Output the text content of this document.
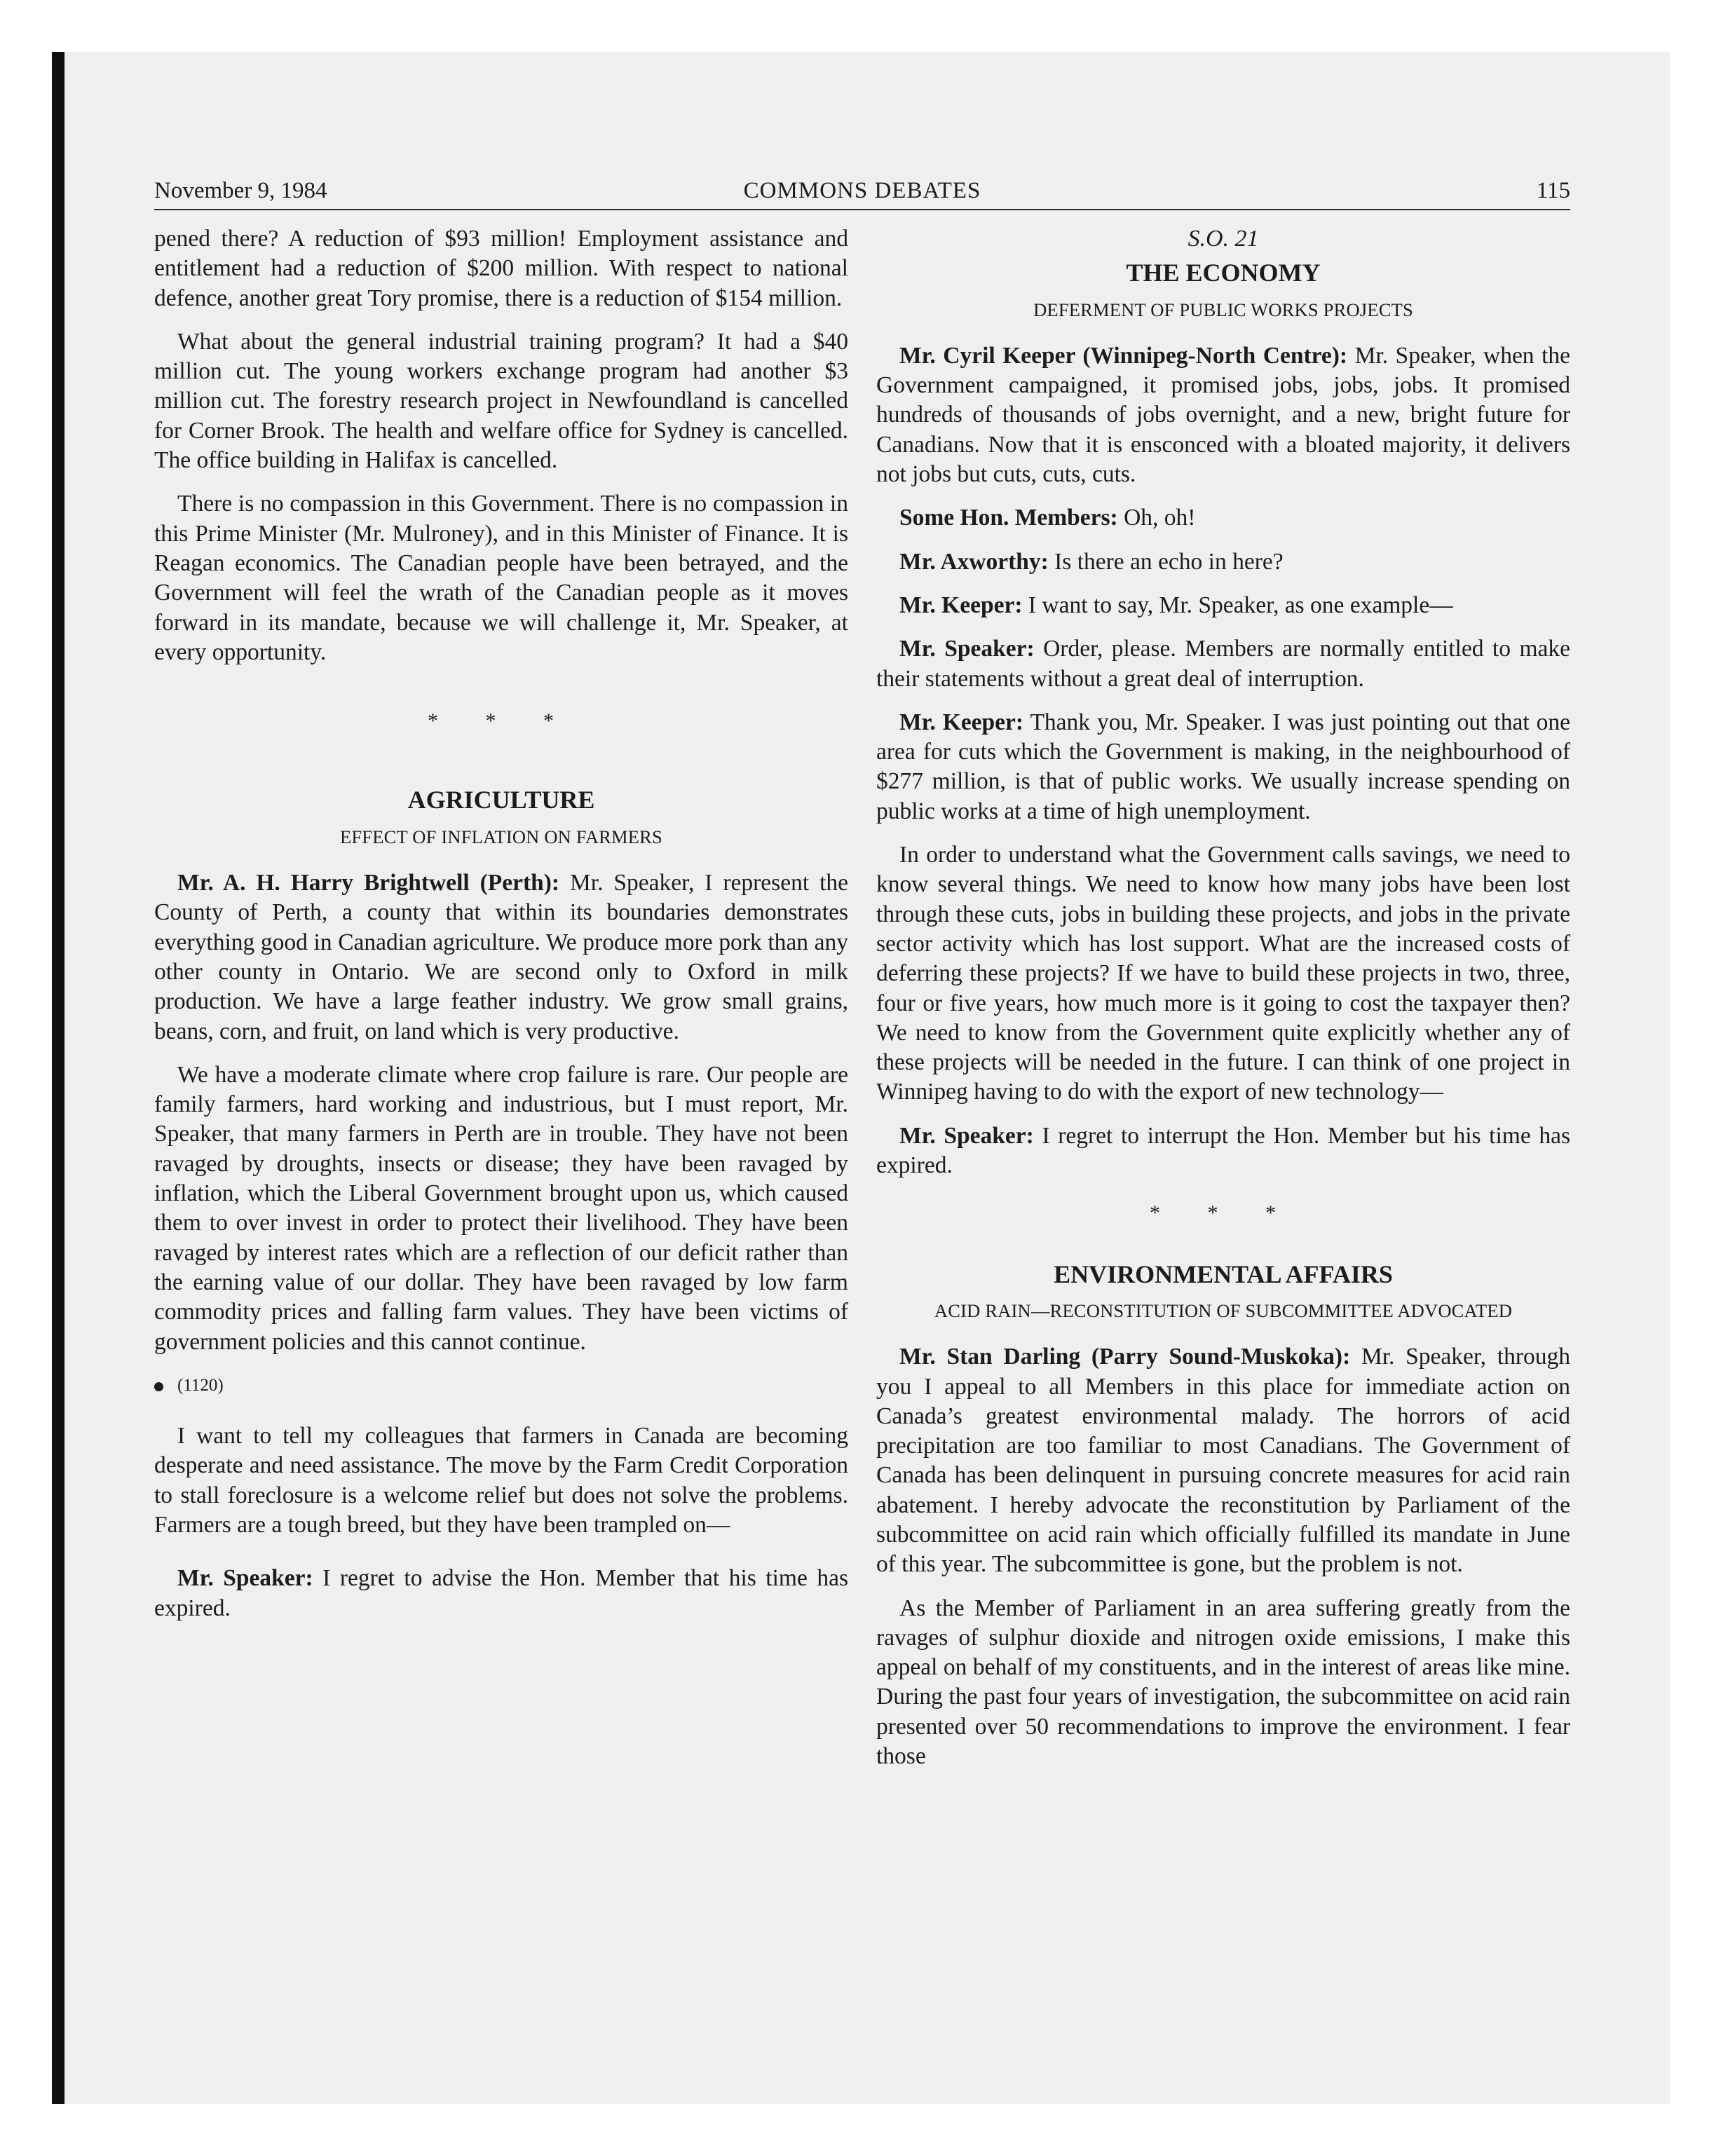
November 9, 1984	COMMONS DEBATES	115

pened there? A reduction of $93 million! Employment assistance and entitlement had a reduction of $200 million. With respect to national defence, another great Tory promise, there is a reduction of $154 million.

What about the general industrial training program? It had a $40 million cut. The young workers exchange program had another $3 million cut. The forestry research project in Newfoundland is cancelled for Corner Brook. The health and welfare office for Sydney is cancelled. The office building in Halifax is cancelled.

There is no compassion in this Government. There is no compassion in this Prime Minister (Mr. Mulroney), and in this Minister of Finance. It is Reagan economics. The Canadian people have been betrayed, and the Government will feel the wrath of the Canadian people as it moves forward in its mandate, because we will challenge it, Mr. Speaker, at every opportunity.

* * *
AGRICULTURE
EFFECT OF INFLATION ON FARMERS

Mr. A. H. Harry Brightwell (Perth): Mr. Speaker, I represent the County of Perth, a county that within its boundaries demonstrates everything good in Canadian agriculture. We produce more pork than any other county in Ontario. We are second only to Oxford in milk production. We have a large feather industry. We grow small grains, beans, corn, and fruit, on land which is very productive.

We have a moderate climate where crop failure is rare. Our people are family farmers, hard working and industrious, but I must report, Mr. Speaker, that many farmers in Perth are in trouble. They have not been ravaged by droughts, insects or disease; they have been ravaged by inflation, which the Liberal Government brought upon us, which caused them to over invest in order to protect their livelihood. They have been ravaged by interest rates which are a reflection of our deficit rather than the earning value of our dollar. They have been ravaged by low farm commodity prices and falling farm values. They have been victims of government policies and this cannot continue.

(1120)

I want to tell my colleagues that farmers in Canada are becoming desperate and need assistance. The move by the Farm Credit Corporation to stall foreclosure is a welcome relief but does not solve the problems. Farmers are a tough breed, but they have been trampled on—

Mr. Speaker: I regret to advise the Hon. Member that his time has expired.

S.O. 21
THE ECONOMY
DEFERMENT OF PUBLIC WORKS PROJECTS

Mr. Cyril Keeper (Winnipeg-North Centre): Mr. Speaker, when the Government campaigned, it promised jobs, jobs, jobs. It promised hundreds of thousands of jobs overnight, and a new, bright future for Canadians. Now that it is ensconced with a bloated majority, it delivers not jobs but cuts, cuts, cuts.

Some Hon. Members: Oh, oh!

Mr. Axworthy: Is there an echo in here?

Mr. Keeper: I want to say, Mr. Speaker, as one example—

Mr. Speaker: Order, please. Members are normally entitled to make their statements without a great deal of interruption.

Mr. Keeper: Thank you, Mr. Speaker. I was just pointing out that one area for cuts which the Government is making, in the neighbourhood of $277 million, is that of public works. We usually increase spending on public works at a time of high unemployment.

In order to understand what the Government calls savings, we need to know several things. We need to know how many jobs have been lost through these cuts, jobs in building these projects, and jobs in the private sector activity which has lost support. What are the increased costs of deferring these projects? If we have to build these projects in two, three, four or five years, how much more is it going to cost the taxpayer then? We need to know from the Government quite explicitly whether any of these projects will be needed in the future. I can think of one project in Winnipeg having to do with the export of new technology—

Mr. Speaker: I regret to interrupt the Hon. Member but his time has expired.

* * *
ENVIRONMENTAL AFFAIRS
ACID RAIN—RECONSTITUTION OF SUBCOMMITTEE ADVOCATED

Mr. Stan Darling (Parry Sound-Muskoka): Mr. Speaker, through you I appeal to all Members in this place for immediate action on Canada’s greatest environmental malady. The horrors of acid precipitation are too familiar to most Canadians. The Government of Canada has been delinquent in pursuing concrete measures for acid rain abatement. I hereby advocate the reconstitution by Parliament of the subcommittee on acid rain which officially fulfilled its mandate in June of this year. The subcommittee is gone, but the problem is not.

As the Member of Parliament in an area suffering greatly from the ravages of sulphur dioxide and nitrogen oxide emissions, I make this appeal on behalf of my constituents, and in the interest of areas like mine. During the past four years of investigation, the subcommittee on acid rain presented over 50 recommendations to improve the environment. I fear those
